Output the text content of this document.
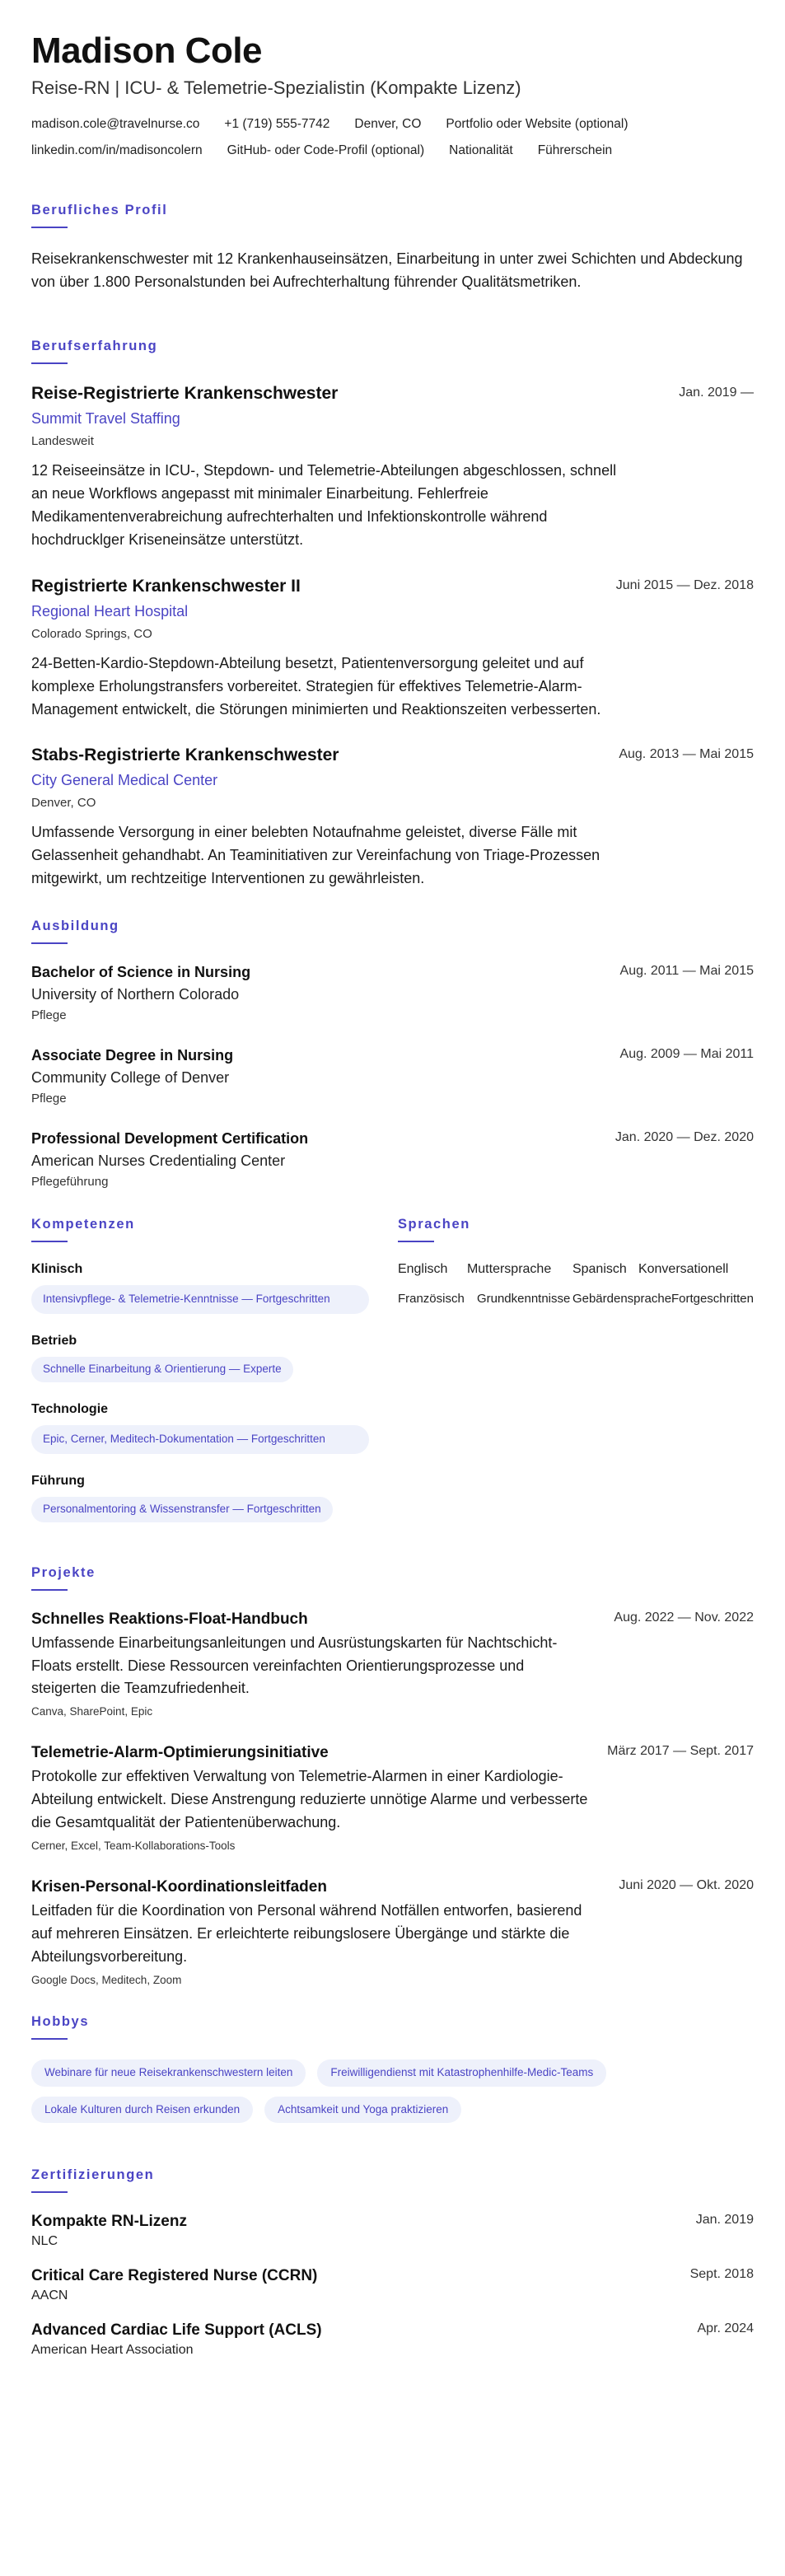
Madison Cole
Reise-RN | ICU- & Telemetrie-Spezialistin (Kompakte Lizenz)
madison.cole@travelnurse.co +1 (719) 555-7742 Denver, CO Portfolio oder Website (optional)
linkedin.com/in/madisoncolern GitHub- oder Code-Profil (optional) Nationalität Führerschein
Berufliches Profil

Reisekrankenschwester mit 12 Krankenhauseinsätzen, Einarbeitung in unter zwei Schichten und Abdeckung von über 1.800 Personalstunden bei Aufrechterhaltung führender Qualitätsmetriken.

Berufserfahrung
Reise-Registrierte Krankenschwester	Jan. 2019 —
Summit Travel Staffing
Landesweit

12 Reiseeinsätze in ICU-, Stepdown- und Telemetrie-Abteilungen abgeschlossen, schnell an neue Workflows angepasst mit minimaler Einarbeitung. Fehlerfreie Medikamentenverabreichung aufrechterhalten und Infektionskontrolle während hochdrucklger Kriseneinsätze unterstützt.

Registrierte Krankenschwester II	Juni 2015 — Dez. 2018
Regional Heart Hospital
Colorado Springs, CO

24-Betten-Kardio-Stepdown-Abteilung besetzt, Patientenversorgung geleitet und auf komplexe Erholungstransfers vorbereitet. Strategien für effektives Telemetrie-Alarm-Management entwickelt, die Störungen minimierten und Reaktionszeiten verbesserten.

Stabs-Registrierte Krankenschwester	Aug. 2013 — Mai 2015
City General Medical Center
Denver, CO

Umfassende Versorgung in einer belebten Notaufnahme geleistet, diverse Fälle mit Gelassenheit gehandhabt. An Teaminitiativen zur Vereinfachung von Triage-Prozessen mitgewirkt, um rechtzeitige Interventionen zu gewährleisten.

Ausbildung
Bachelor of Science in Nursing	Aug. 2011 — Mai 2015
University of Northern Colorado
Pflege
Associate Degree in Nursing	Aug. 2009 — Mai 2011
Community College of Denver
Pflege
Professional Development Certification	Jan. 2020 — Dez. 2020
American Nurses Credentialing Center
Pflegeführung
Kompetenzen
Klinisch
Intensivpflege- & Telemetrie-Kenntnisse — Fortgeschritten
Betrieb
Schnelle Einarbeitung & Orientierung — Experte
Technologie
Epic, Cerner, Meditech-Dokumentation — Fortgeschritten
Führung
Personalmentoring & Wissenstransfer — Fortgeschritten
Sprachen
Englisch	Muttersprache	Spanisch Konversationell
Französisch	Grundkenntnisse Gebärdensprache Fortgeschritten
Projekte
Schnelles Reaktions-Float-Handbuch	Aug. 2022 — Nov. 2022

Umfassende Einarbeitungsanleitungen und Ausrüstungskarten für Nachtschicht-Floats erstellt. Diese Ressourcen vereinfachten Orientierungsprozesse und steigerten die Teamzufriedenheit.

Canva, SharePoint, Epic
Telemetrie-Alarm-Optimierungsinitiative	März 2017 — Sept. 2017

Protokolle zur effektiven Verwaltung von Telemetrie-Alarmen in einer Kardiologie-Abteilung entwickelt. Diese Anstrengung reduzierte unnötige Alarme und verbesserte die Gesamtqualität der Patientenüberwachung.

Cerner, Excel, Team-Kollaborations-Tools
Krisen-Personal-Koordinationsleitfaden	Juni 2020 — Okt. 2020

Leitfaden für die Koordination von Personal während Notfällen entworfen, basierend auf mehreren Einsätzen. Er erleichterte reibungslosere Übergänge und stärkte die Abteilungsvorbereitung.

Google Docs, Meditech, Zoom
Hobbys
Webinare für neue Reisekrankenschwestern leiten	Freiwilligendienst mit Katastrophenhilfe-Medic-Teams
Lokale Kulturen durch Reisen erkunden	Achtsamkeit und Yoga praktizieren
Zertifizierungen
Kompakte RN-Lizenz	Jan. 2019
NLC
Critical Care Registered Nurse (CCRN)	Sept. 2018
AACN
Advanced Cardiac Life Support (ACLS)	Apr. 2024
American Heart Association
